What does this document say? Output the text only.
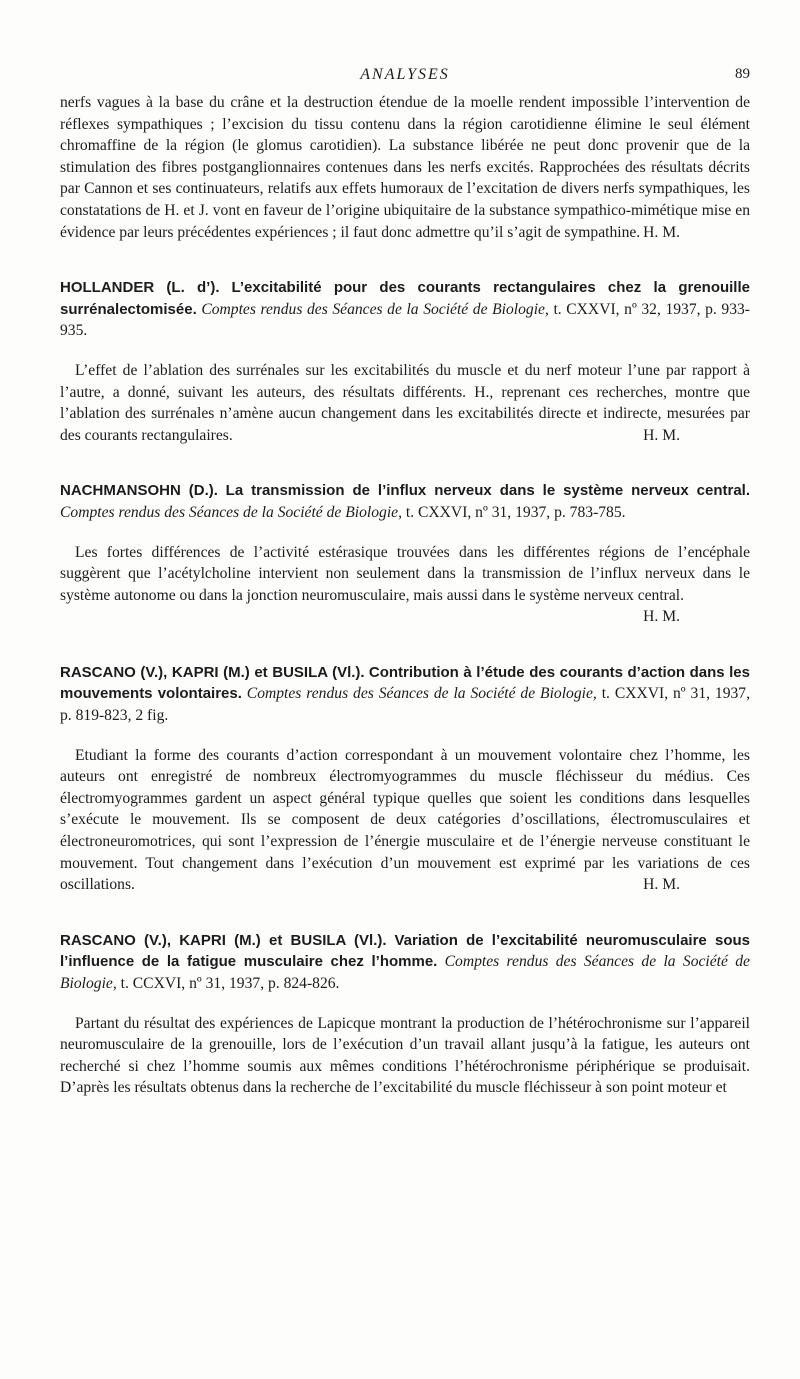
ANALYSES	89

nerfs vagues à la base du crâne et la destruction étendue de la moelle rendent impossible l’intervention de réflexes sympathiques ; l’excision du tissu contenu dans la région carotidienne élimine le seul élément chromaffine de la région (le glomus carotidien). La substance libérée ne peut donc provenir que de la stimulation des fibres postganglionnaires contenues dans les nerfs excités. Rapprochées des résultats décrits par Cannon et ses continuateurs, relatifs aux effets humoraux de l’excitation de divers nerfs sympathiques, les constatations de H. et J. vont en faveur de l’origine ubiquitaire de la substance sympathico-mimétique mise en évidence par leurs précédentes expériences ; il faut donc admettre qu’il s’agit de sympathine. H. M.

HOLLANDER (L. d’). L’excitabilité pour des courants rectangulaires chez la grenouille surrénalectomisée. Comptes rendus des Séances de la Société de Biologie, t. CXXVI, nº 32, 1937, p. 933-935.

L’effet de l’ablation des surrénales sur les excitabilités du muscle et du nerf moteur l’une par rapport à l’autre, a donné, suivant les auteurs, des résultats différents. H., reprenant ces recherches, montre que l’ablation des surrénales n’amène aucun changement dans les excitabilités directe et indirecte, mesurées par des courants rectangulaires.	H. M.

NACHMANSOHN (D.). La transmission de l’influx nerveux dans le système nerveux central. Comptes rendus des Séances de la Société de Biologie, t. CXXVI, nº 31, 1937, p. 783-785.

Les fortes différences de l’activité estérasique trouvées dans les différentes régions de l’encéphale suggèrent que l’acétylcholine intervient non seulement dans la transmission de l’influx nerveux dans le système autonome ou dans la jonction neuromusculaire, mais aussi dans le système nerveux central.
H. M.

RASCANO (V.), KAPRI (M.) et BUSILA (Vl.). Contribution à l’étude des courants d’action dans les mouvements volontaires. Comptes rendus des Séances de la Société de Biologie, t. CXXVI, nº 31, 1937, p. 819-823, 2 fig.

Etudiant la forme des courants d’action correspondant à un mouvement volontaire chez l’homme, les auteurs ont enregistré de nombreux électromyogrammes du muscle fléchisseur du médius. Ces électromyogrammes gardent un aspect général typique quelles que soient les conditions dans lesquelles s’exécute le mouvement. Ils se composent de deux catégories d’oscillations, électromusculaires et électroneuromotrices, qui sont l’expression de l’énergie musculaire et de l’énergie nerveuse constituant le mouvement. Tout changement dans l’exécution d’un mouvement est exprimé par les variations de ces oscillations.	H. M.

RASCANO (V.), KAPRI (M.) et BUSILA (Vl.). Variation de l’excitabilité neuromusculaire sous l’influence de la fatigue musculaire chez l’homme. Comptes rendus des Séances de la Société de Biologie, t. CCXVI, nº 31, 1937, p. 824-826.

Partant du résultat des expériences de Lapicque montrant la production de l’hétérochronisme sur l’appareil neuromusculaire de la grenouille, lors de l’exécution d’un travail allant jusqu’à la fatigue, les auteurs ont recherché si chez l’homme soumis aux mêmes conditions l’hétérochronisme périphérique se produisait. D’après les résultats obtenus dans la recherche de l’excitabilité du muscle fléchisseur à son point moteur et
